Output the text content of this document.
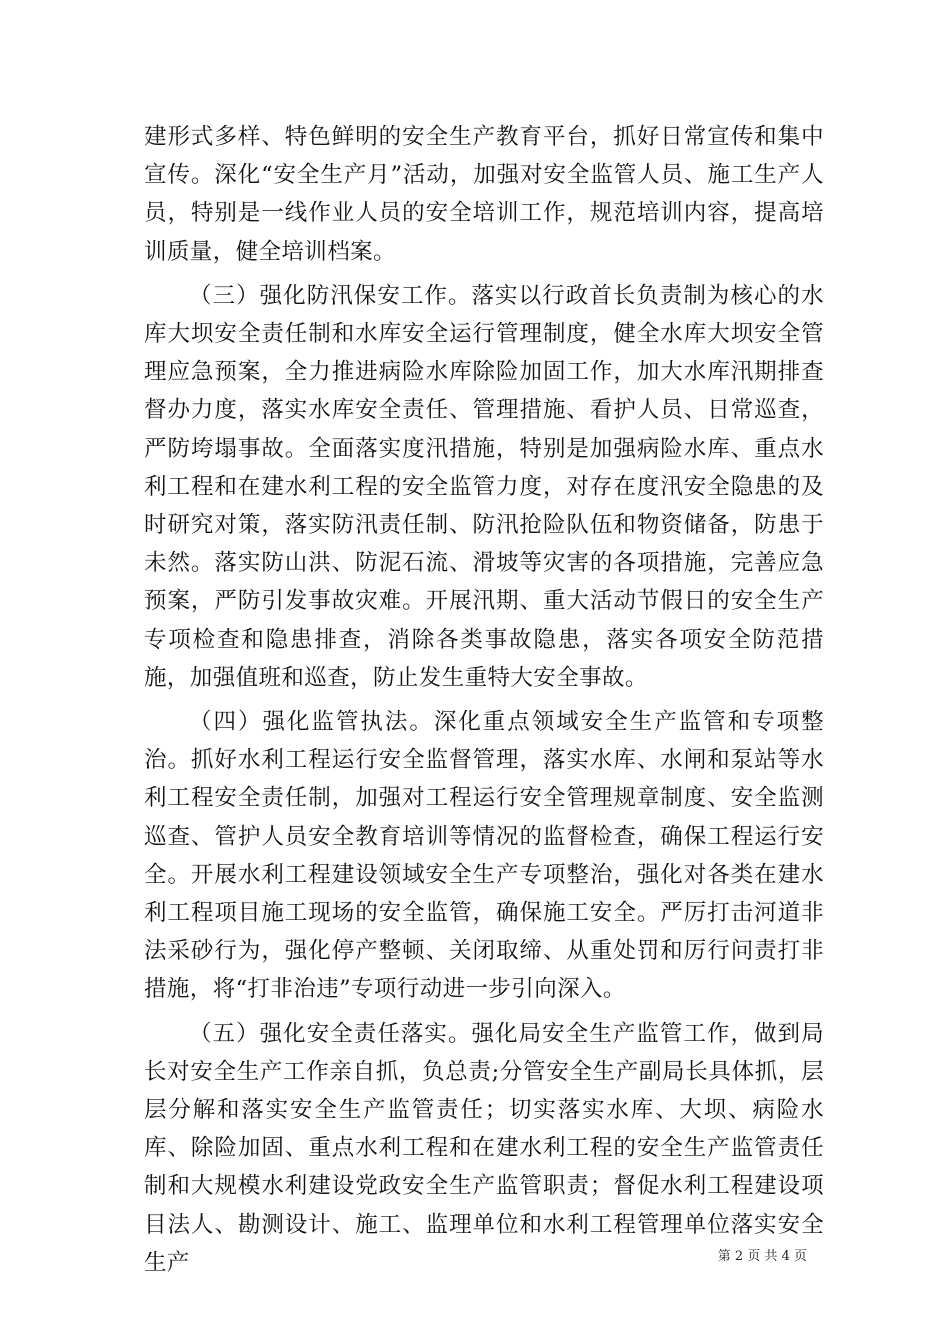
建形式多样、特色鲜明的安全生产教育平台，抓好日常宣传和集中宣传。深化“安全生产月”活动，加强对安全监管人员、施工生产人员，特别是一线作业人员的安全培训工作，规范培训内容，提高培训质量，健全培训档案。

（三）强化防汛保安工作。落实以行政首长负责制为核心的水库大坝安全责任制和水库安全运行管理制度，健全水库大坝安全管理应急预案，全力推进病险水库除险加固工作，加大水库汛期排查督办力度，落实水库安全责任、管理措施、看护人员、日常巡查，严防垮塌事故。全面落实度汛措施，特别是加强病险水库、重点水利工程和在建水利工程的安全监管力度，对存在度汛安全隐患的及时研究对策，落实防汛责任制、防汛抢险队伍和物资储备，防患于未然。落实防山洪、防泥石流、滑坡等灾害的各项措施，完善应急预案，严防引发事故灾难。开展汛期、重大活动节假日的安全生产专项检查和隐患排查，消除各类事故隐患，落实各项安全防范措施，加强值班和巡查，防止发生重特大安全事故。

（四）强化监管执法。深化重点领域安全生产监管和专项整治。抓好水利工程运行安全监督管理，落实水库、水闸和泵站等水利工程安全责任制，加强对工程运行安全管理规章制度、安全监测巡查、管护人员安全教育培训等情况的监督检查，确保工程运行安全。开展水利工程建设领域安全生产专项整治，强化对各类在建水利工程项目施工现场的安全监管，确保施工安全。严厉打击河道非法采砂行为，强化停产整顿、关闭取缔、从重处罚和厉行问责打非措施，将“打非治违”专项行动进一步引向深入。

（五）强化安全责任落实。强化局安全生产监管工作，做到局长对安全生产工作亲自抓，负总责;分管安全生产副局长具体抓，层层分解和落实安全生产监管责任；切实落实水库、大坝、病险水库、除险加固、重点水利工程和在建水利工程的安全生产监管责任制和大规模水利建设党政安全生产监管职责；督促水利工程建设项目法人、勘测设计、施工、监理单位和水利工程管理单位落实安全生产	第 2 页 共 4 页
